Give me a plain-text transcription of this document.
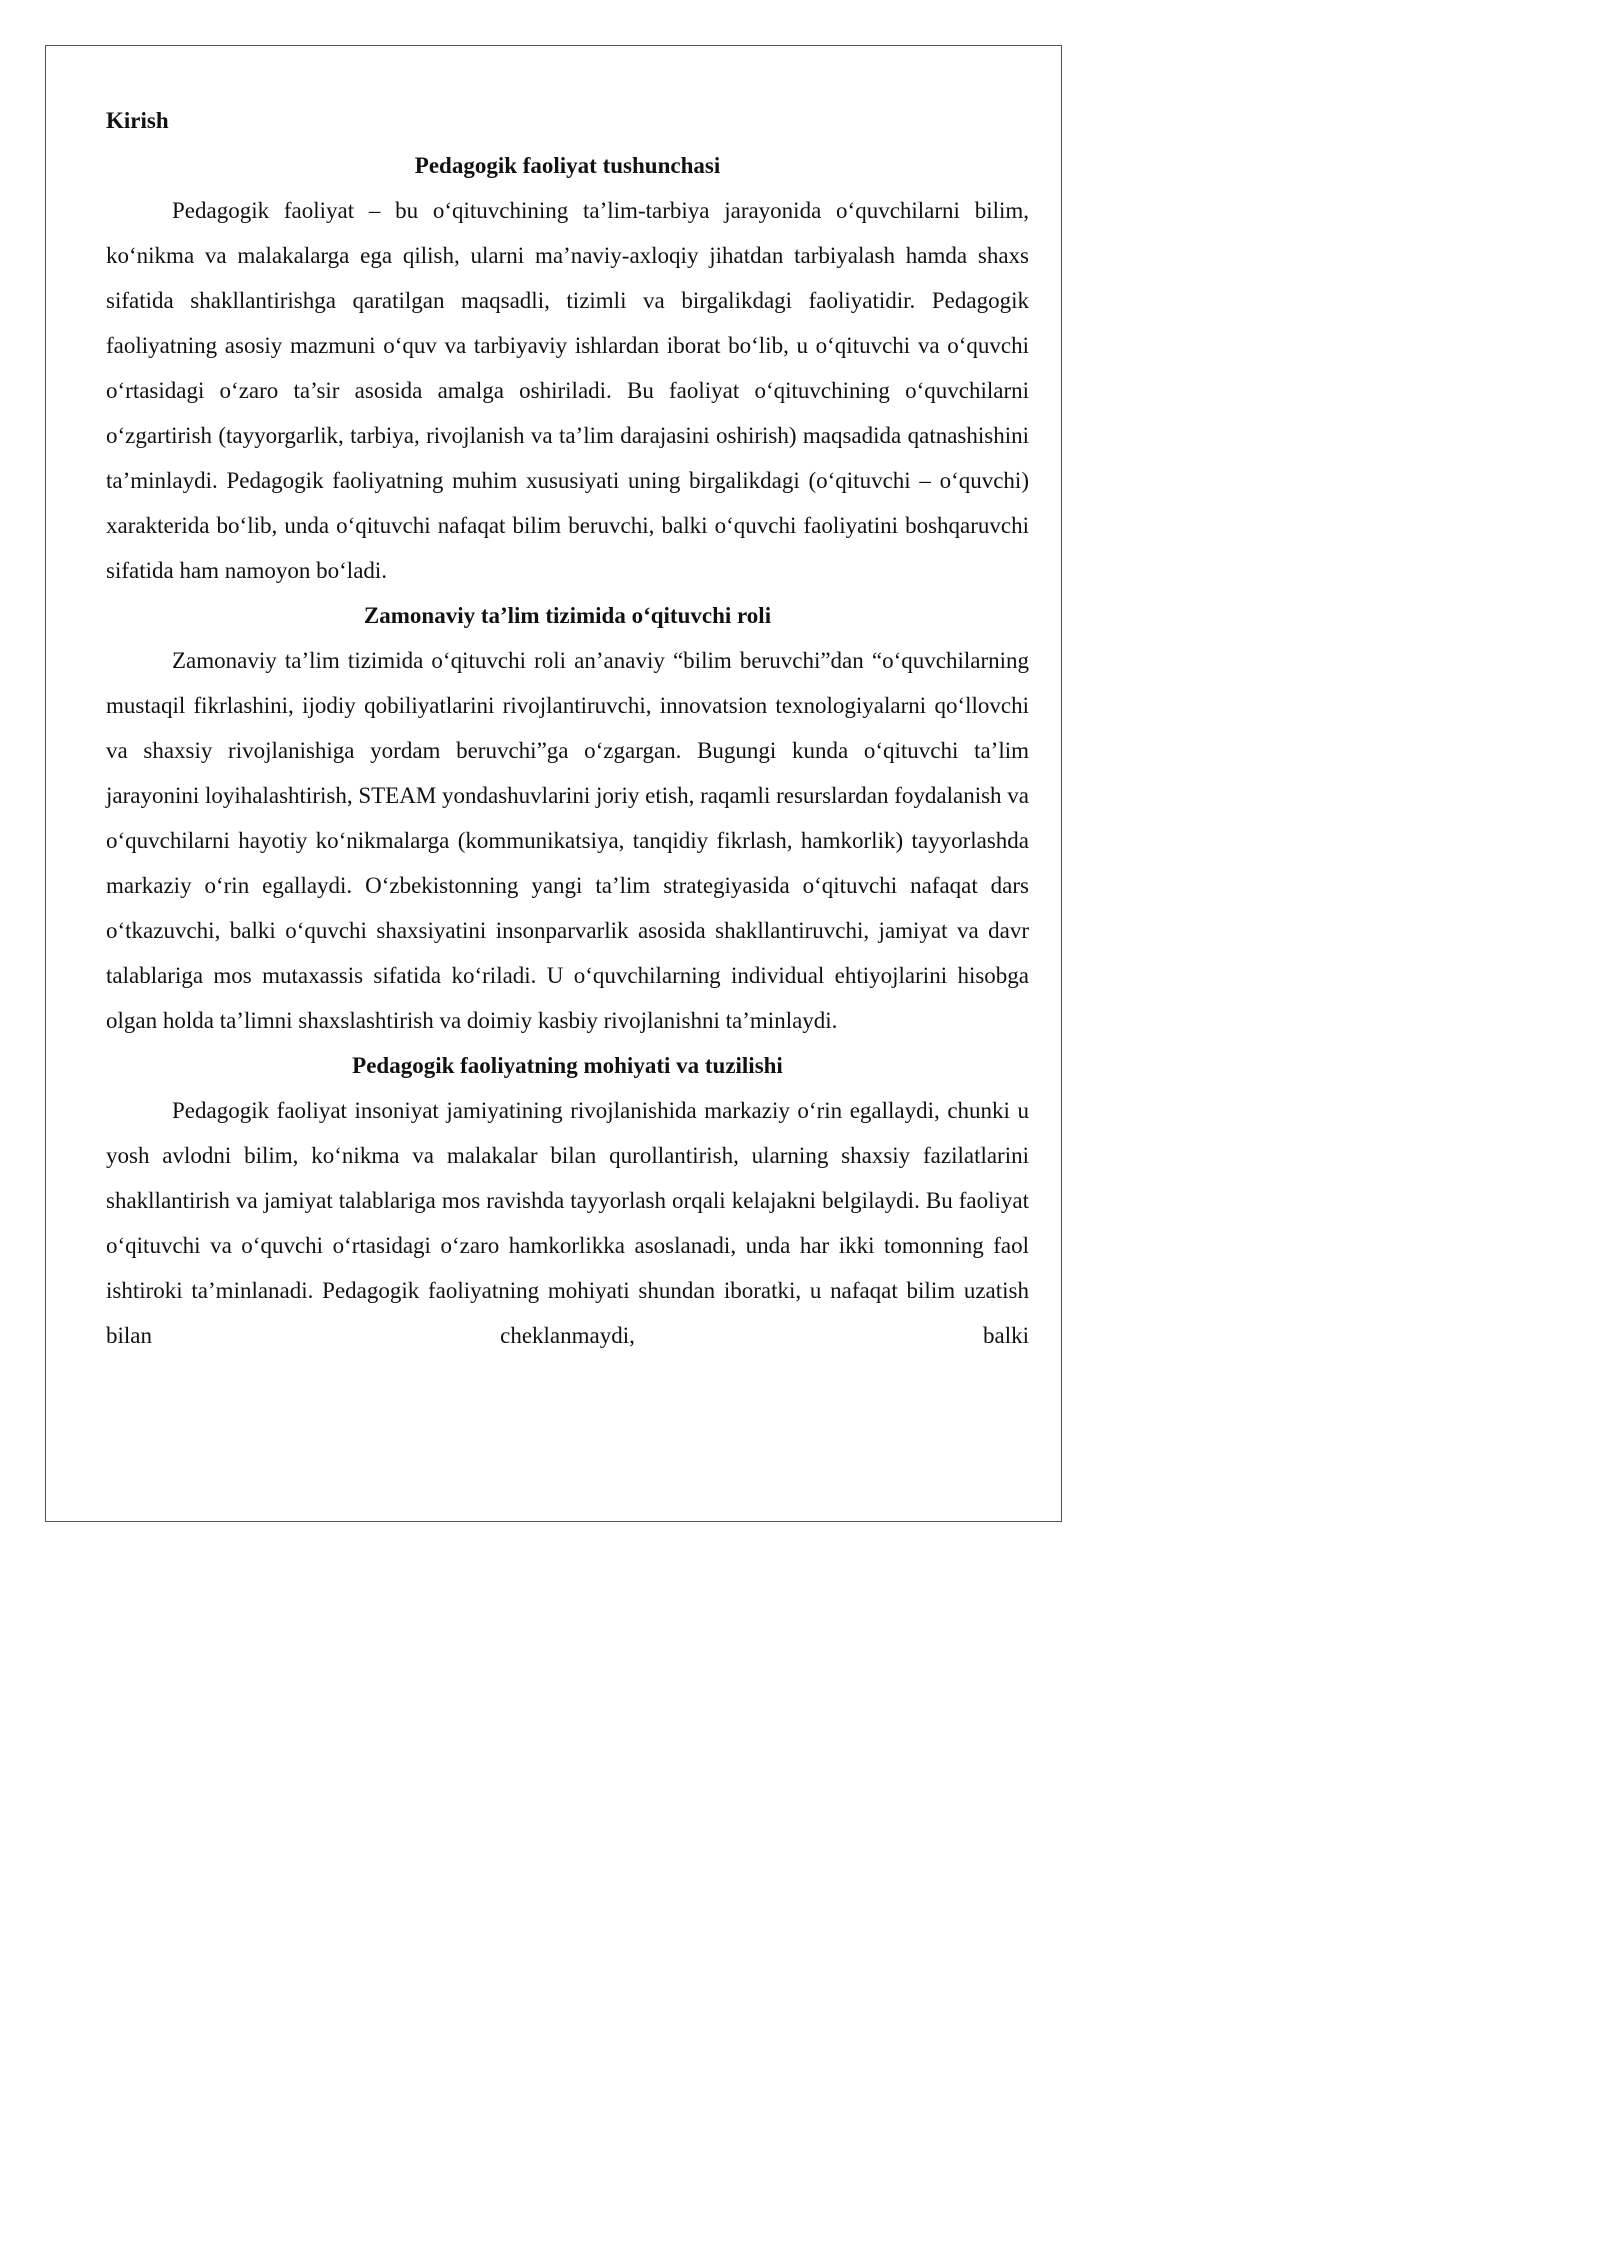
Kirish

Pedagogik faoliyat tushunchasi

Pedagogik faoliyat – bu o‘qituvchining ta’lim-tarbiya jarayonida o‘quvchilarni bilim, ko‘nikma va malakalarga ega qilish, ularni ma’naviy-axloqiy jihatdan tarbiyalash hamda shaxs sifatida shakllantirishga qaratilgan maqsadli, tizimli va birgalikdagi faoliyatidir. Pedagogik faoliyatning asosiy mazmuni o‘quv va tarbiyaviy ishlardan iborat bo‘lib, u o‘qituvchi va o‘quvchi o‘rtasidagi o‘zaro ta’sir asosida amalga oshiriladi. Bu faoliyat o‘qituvchining o‘quvchilarni o‘zgartirish (tayyorgarlik, tarbiya, rivojlanish va ta’lim darajasini oshirish) maqsadida qatnashishini ta’minlaydi. Pedagogik faoliyatning muhim xususiyati uning birgalikdagi (o‘qituvchi – o‘quvchi) xarakterida bo‘lib, unda o‘qituvchi nafaqat bilim beruvchi, balki o‘quvchi faoliyatini boshqaruvchi sifatida ham namoyon bo‘ladi.

Zamonaviy ta’lim tizimida o‘qituvchi roli

Zamonaviy ta’lim tizimida o‘qituvchi roli an’anaviy “bilim beruvchi”dan “o‘quvchilarning mustaqil fikrlashini, ijodiy qobiliyatlarini rivojlantiruvchi, innovatsion texnologiyalarni qo‘llovchi va shaxsiy rivojlanishiga yordam beruvchi”ga o‘zgargan. Bugungi kunda o‘qituvchi ta’lim jarayonini loyihalashtirish, STEAM yondashuvlarini joriy etish, raqamli resurslardan foydalanish va o‘quvchilarni hayotiy ko‘nikmalarga (kommunikatsiya, tanqidiy fikrlash, hamkorlik) tayyorlashda markaziy o‘rin egallaydi. O‘zbekistonning yangi ta’lim strategiyasida o‘qituvchi nafaqat dars o‘tkazuvchi, balki o‘quvchi shaxsiyatini insonparvarlik asosida shakllantiruvchi, jamiyat va davr talablariga mos mutaxassis sifatida ko‘riladi. U o‘quvchilarning individual ehtiyojlarini hisobga olgan holda ta’limni shaxslashtirish va doimiy kasbiy rivojlanishni ta’minlaydi.

Pedagogik faoliyatning mohiyati va tuzilishi

Pedagogik faoliyat insoniyat jamiyatining rivojlanishida markaziy o‘rin egallaydi, chunki u yosh avlodni bilim, ko‘nikma va malakalar bilan qurollantirish, ularning shaxsiy fazilatlarini shakllantirish va jamiyat talablariga mos ravishda tayyorlash orqali kelajakni belgilaydi. Bu faoliyat o‘qituvchi va o‘quvchi o‘rtasidagi o‘zaro hamkorlikka asoslanadi, unda har ikki tomonning faol ishtiroki ta’minlanadi. Pedagogik faoliyatning mohiyati shundan iboratki, u nafaqat bilim uzatish bilan cheklanmaydi, balki
